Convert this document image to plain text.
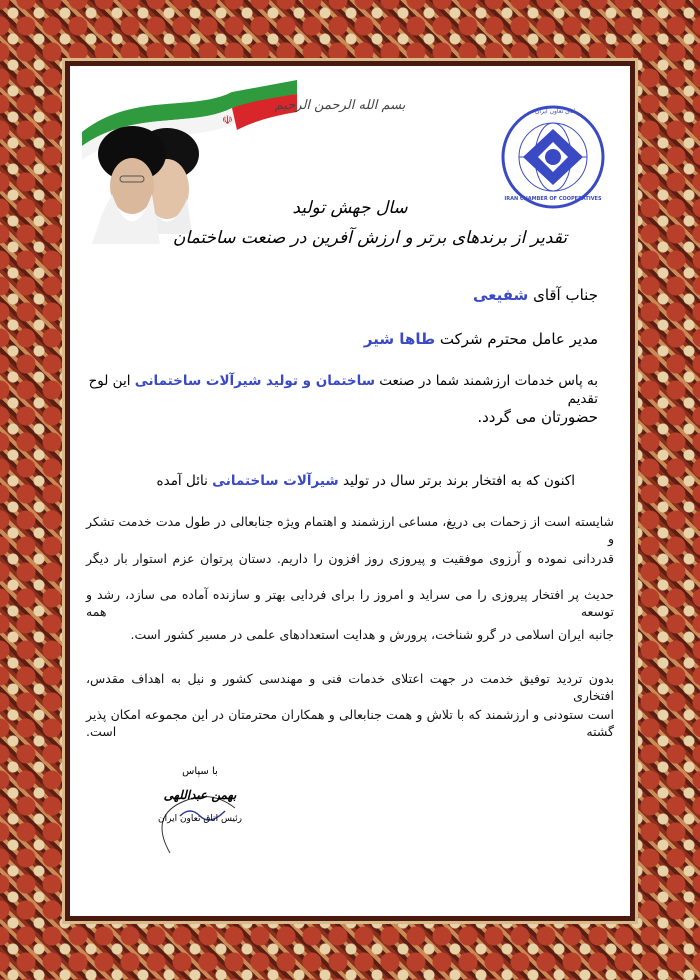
☫
بسم الله الرحمن الرحیم	اتاق تعاون ایران
IRAN CHAMBER OF COOPERATIVES
سال جهش تولید
تقدیر از برندهای برتر و ارزش آفرین در صنعت ساختمان
جناب آقای شفیعی
مدیر عامل محترم شرکت طاها شیر
به پاس خدمات ارزشمند شما در صنعت ساختمان و تولید شیرآلات ساختمانی این لوح تقدیم
حضورتان می گردد.
اکنون که به افتخار برند برتر سال در تولید شیرآلات ساختمانی نائل آمده
شایسته است از زحمات بی دریغ، مساعی ارزشمند و اهتمام ویژه جنابعالی در طول مدت خدمت تشکر و
قدردانی نموده و آرزوی موفقیت و پیروزی روز افزون را داریم. دستان پرتوان عزم استوار بار دیگر
حدیث پر افتخار پیروزی را می سراید و امروز را برای فردایی بهتر و سازنده آماده می سازد، رشد و توسعه همه
جانبه ایران اسلامی در گرو شناخت، پرورش و هدایت استعدادهای علمی در مسیر کشور است.
بدون تردید توفیق خدمت در جهت اعتلای خدمات فنی و مهندسی کشور و نیل به اهداف مقدس، افتخاری
است ستودنی و ارزشمند که با تلاش و همت جنابعالی و همکاران محترمتان در این مجموعه امکان پذیر گشته است.
با سپاس
بهمن عبداللهی
رئیس اتاق تعاون ایران
